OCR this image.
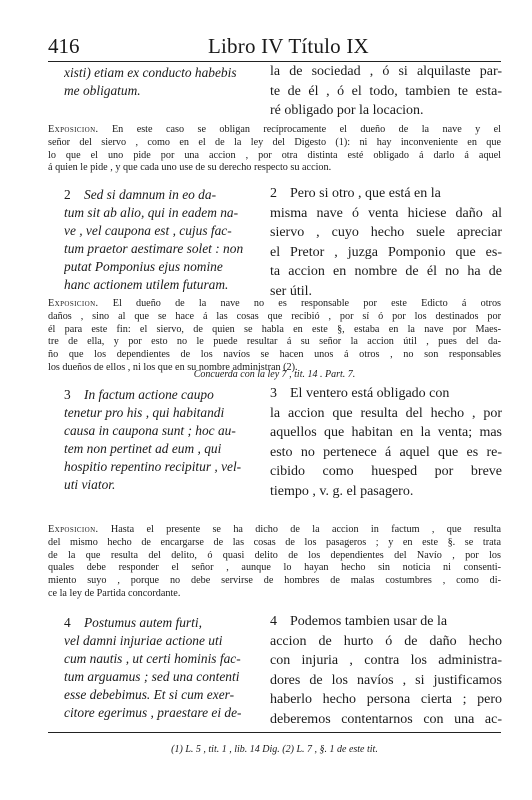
416	Libro IV Título IX
xisti) etiam ex conducto habebis
me obligatum.
la de sociedad , ó si alquilaste par-
te de él , ó el todo, tambien te esta-
ré obligado por la locacion.
Exposicion. En este caso se obligan recíprocamente el dueño de la nave y el
señor del siervo , como en el de la ley del Digesto (1): ni hay inconveniente en que
lo que el uno pide por una accion , por otra distinta esté obligado á darlo á aquel
á quien le pide , y que cada uno use de su derecho respecto su accion.
2 Sed si damnum in eo da-
tum sit ab alio, qui in eadem na-
ve , vel caupona est , cujus fac-
tum praetor aestimare solet : non
putat Pomponius ejus nomine
hanc actionem utilem futuram.
2 Pero si otro , que está en la
misma nave ó venta hiciese daño al
siervo , cuyo hecho suele apreciar
el Pretor , juzga Pomponio que es-
ta accion en nombre de él no ha de
ser útil.
Exposicion. El dueño de la nave no es responsable por este Edicto á otros
daños , sino al que se hace á las cosas que recibió , por sí ó por los destinados por
él para este fin: el siervo, de quien se habla en este §, estaba en la nave por Maes-
tre de ella, y por esto no le puede resultar á su señor la accion útil , pues del da-
ño que los dependientes de los navíos se hacen unos á otros , no son responsables
los dueños de ellos , ni los que en su nombre administran (2).
Concuerda con la ley 7 , tit. 14 . Part. 7.
3 In factum actione caupo
tenetur pro his , qui habitandi
causa in caupona sunt ; hoc au-
tem non pertinet ad eum , qui
hospitio repentino recipitur , vel-
uti viator.
3 El ventero está obligado con
la accion que resulta del hecho , por
aquellos que habitan en la venta; mas
esto no pertenece á aquel que es re-
cibido como huesped por breve
tiempo , v. g. el pasagero.
Exposicion. Hasta el presente se ha dicho de la accion in factum , que resulta
del mismo hecho de encargarse de las cosas de los pasageros ; y en este §. se trata
de la que resulta del delito, ó quasi delito de los dependientes del Navío , por los
quales debe responder el señor , aunque lo hayan hecho sin noticia ni consenti-
miento suyo , porque no debe servirse de hombres de malas costumbres , como di-
ce la ley de Partida concordante.
4 Postumus autem furti,
vel damni injuriae actione uti
cum nautis , ut certi hominis fac-
tum arguamus ; sed una contenti
esse debebimus. Et si cum exer-
citore egerimus , praestare ei de-
4 Podemos tambien usar de la
accion de hurto ó de daño hecho
con injuria , contra los administra-
dores de los navíos , si justificamos
haberlo hecho persona cierta ; pero
deberemos contentarnos con una ac-
(1) L. 5 , tit. 1 , lib. 14 Dig. (2) L. 7 , §. 1 de este tit.
